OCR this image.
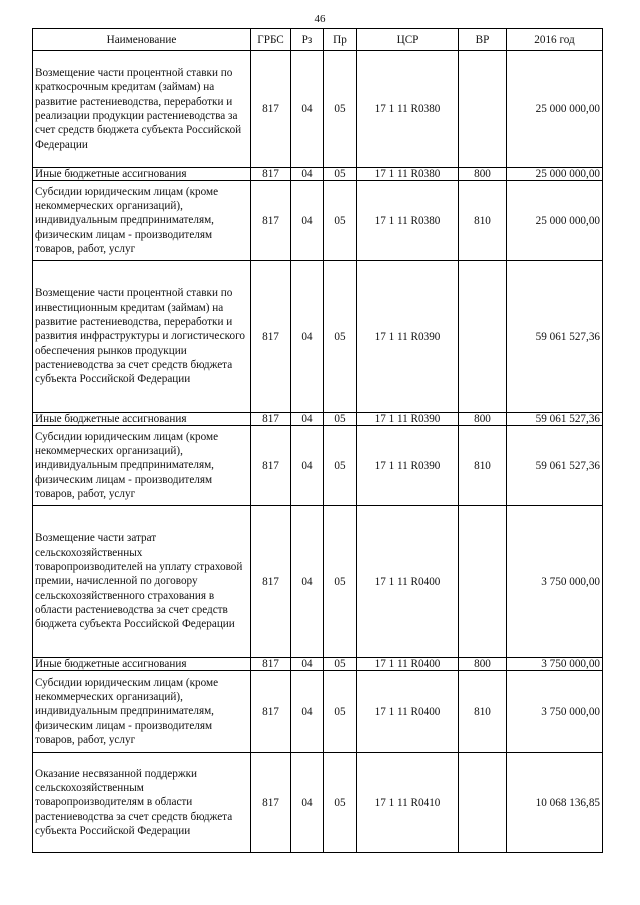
46
Наименование	ГРБС	Рз	Пр	ЦСР	ВР	2016 год
Возмещение части процентной ставки по краткосрочным кредитам (займам) на развитие растениеводства, переработки и реализации продукции растениеводства за счет средств бюджета субъекта Российской Федерации	817	04	05	17 1 11 R0380		25 000 000,00
Иные бюджетные ассигнования	817	04	05	17 1 11 R0380	800	25 000 000,00
Субсидии юридическим лицам (кроме некоммерческих организаций), индивидуальным предпринимателям, физическим лицам - производителям товаров, работ, услуг	817	04	05	17 1 11 R0380	810	25 000 000,00
Возмещение части процентной ставки по инвестиционным кредитам (займам) на развитие растениеводства, переработки и развития инфраструктуры и логистического обеспечения рынков продукции растениеводства за счет средств бюджета субъекта Российской Федерации	817	04	05	17 1 11 R0390		59 061 527,36
Иные бюджетные ассигнования	817	04	05	17 1 11 R0390	800	59 061 527,36
Субсидии юридическим лицам (кроме некоммерческих организаций), индивидуальным предпринимателям, физическим лицам - производителям товаров, работ, услуг	817	04	05	17 1 11 R0390	810	59 061 527,36
Возмещение части затрат сельскохозяйственных товаропроизводителей на уплату страховой премии, начисленной по договору сельскохозяйственного страхования в области растениеводства за счет средств бюджета субъекта Российской Федерации	817	04	05	17 1 11 R0400		3 750 000,00
Иные бюджетные ассигнования	817	04	05	17 1 11 R0400	800	3 750 000,00
Субсидии юридическим лицам (кроме некоммерческих организаций), индивидуальным предпринимателям, физическим лицам - производителям товаров, работ, услуг	817	04	05	17 1 11 R0400	810	3 750 000,00
Оказание несвязанной поддержки сельскохозяйственным товаропроизводителям в области растениеводства за счет средств бюджета субъекта Российской Федерации	817	04	05	17 1 11 R0410		10 068 136,85
